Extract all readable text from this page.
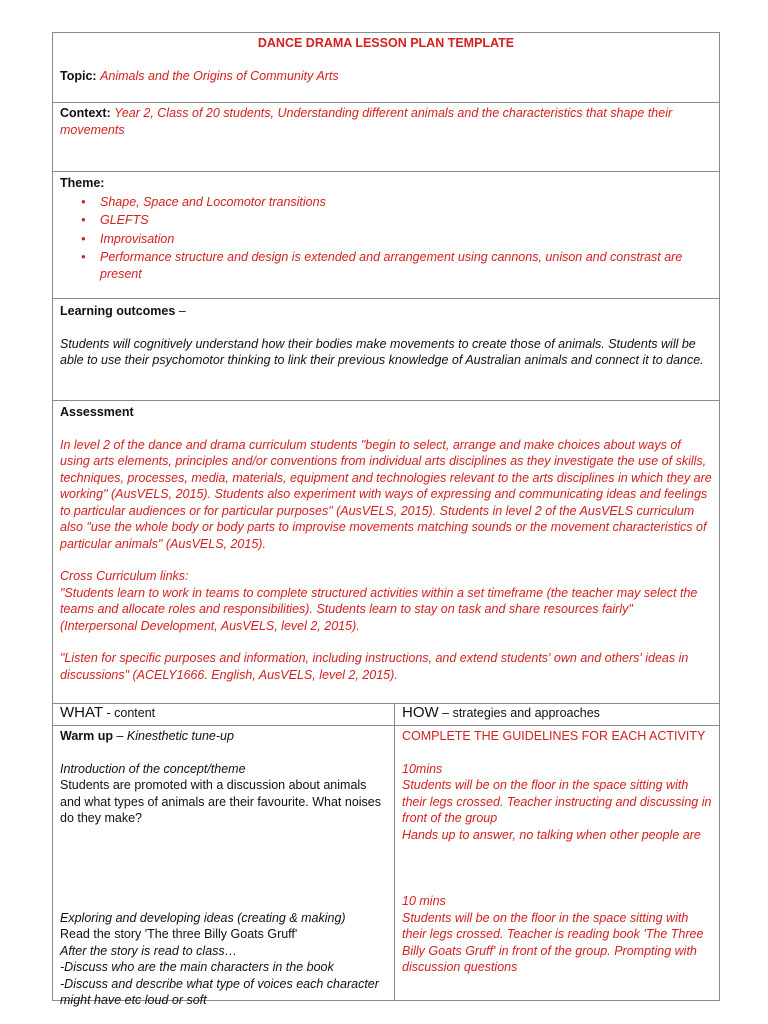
DANCE DRAMA LESSON PLAN TEMPLATE
Topic: Animals and the Origins of Community Arts
Context: Year 2, Class of 20 students, Understanding different animals and the characteristics that shape their movements
Theme:
● Shape, Space and Locomotor transitions
● GLEFTS
● Improvisation
● Performance structure and design is extended and arrangement using cannons, unison and constrast are present
Learning outcomes –
Students will cognitively understand how their bodies make movements to create those of animals. Students will be able to use their psychomotor thinking to link their previous knowledge of Australian animals and connect it to dance.
Assessment
In level 2 of the dance and drama curriculum students "begin to select, arrange and make choices about ways of using arts elements, principles and/or conventions from individual arts disciplines as they investigate the use of skills, techniques, processes, media, materials, equipment and technologies relevant to the arts disciplines in which they are working" (AusVELS, 2015). Students also experiment with ways of expressing and communicating ideas and feelings to particular audiences or for particular purposes" (AusVELS, 2015). Students in level 2 of the AusVELS curriculum also "use the whole body or body parts to improvise movements matching sounds or the movement characteristics of particular animals" (AusVELS, 2015).
Cross Curriculum links:
"Students learn to work in teams to complete structured activities within a set timeframe (the teacher may select the teams and allocate roles and responsibilities). Students learn to stay on task and share resources fairly" (Interpersonal Development, AusVELS, level 2, 2015).
"Listen for specific purposes and information, including instructions, and extend students' own and others' ideas in discussions" (ACELY1666. English, AusVELS, level 2, 2015).
WHAT - content	HOW – strategies and approaches
Warm up – Kinesthetic tune-up
Introduction of the concept/theme
Students are promoted with a discussion about animals and what types of animals are their favourite. What noises do they make?
Exploring and developing ideas (creating & making)
Read the story 'The three Billy Goats Gruff'
After the story is read to class…
-Discuss who are the main characters in the book
-Discuss and describe what type of voices each character might have etc loud or soft
COMPLETE THE GUIDELINES FOR EACH ACTIVITY
10mins
Students will be on the floor in the space sitting with their legs crossed. Teacher instructing and discussing in front of the group
Hands up to answer, no talking when other people are
10 mins
Students will be on the floor in the space sitting with their legs crossed. Teacher is reading book 'The Three Billy Goats Gruff' in front of the group. Prompting with discussion questions
